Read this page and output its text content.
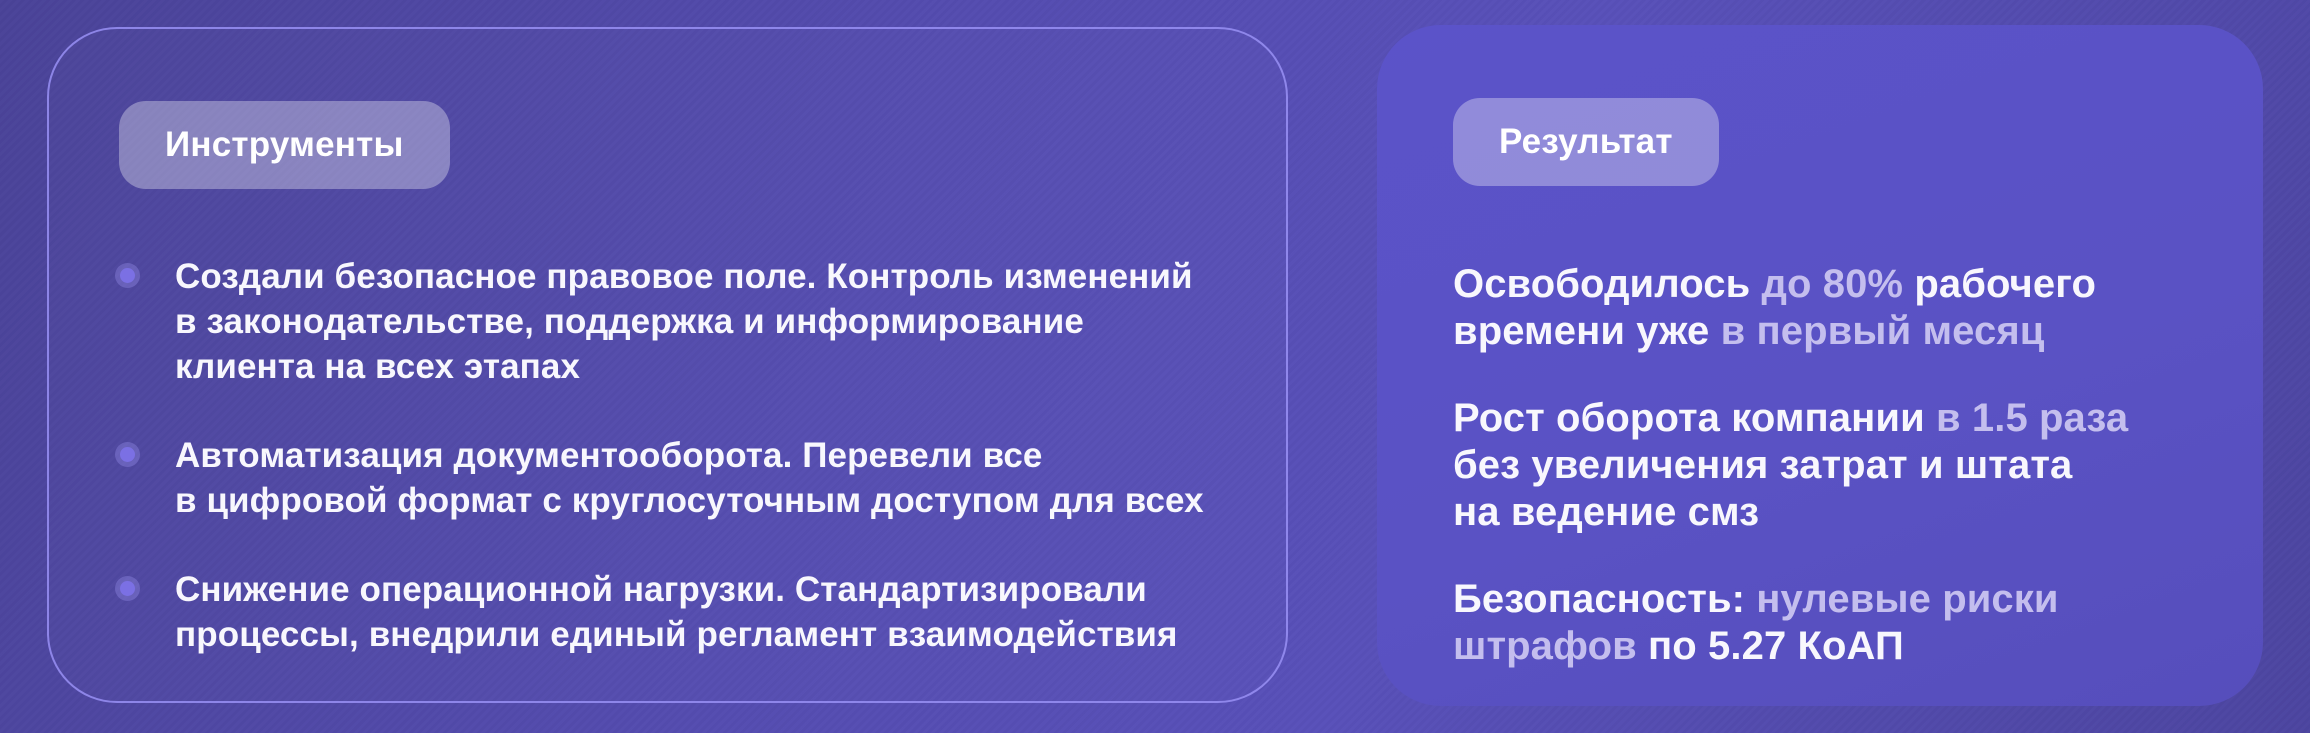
Инструменты
Создали безопасное правовое поле. Контроль изменений
в законодательстве, поддержка и информирование
клиента на всех этапах
Автоматизация документооборота. Перевели все
в цифровой формат с круглосуточным доступом для всех
Снижение операционной нагрузки. Стандартизировали
процессы, внедрили единый регламент взаимодействия
Результат

Освободилось до 80% рабочего
времени уже в первый месяц

Рост оборота компании в 1.5 раза
без увеличения затрат и штата
на ведение смз

Безопасность: нулевые риски
штрафов по 5.27 КоАП
